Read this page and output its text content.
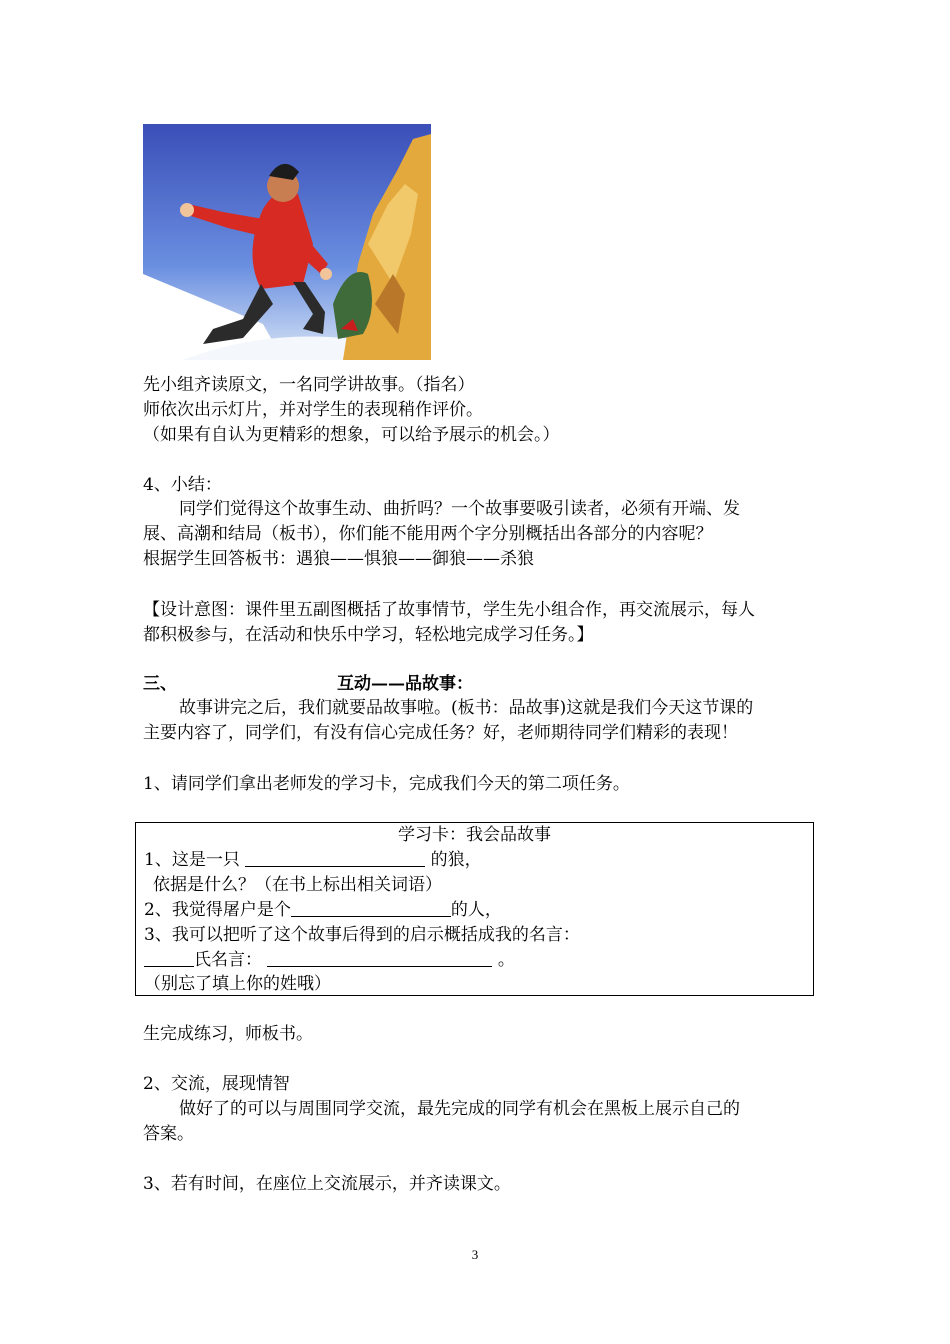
先小组齐读原文，一名同学讲故事。（指名）
师依次出示灯片，并对学生的表现稍作评价。
（如果有自认为更精彩的想象，可以给予展示的机会。）
4、小结：
同学们觉得这个故事生动、曲折吗？一个故事要吸引读者，必须有开端、发
展、高潮和结局（板书），你们能不能用两个字分别概括出各部分的内容呢？
根据学生回答板书：遇狼——惧狼——御狼——杀狼
【设计意图：课件里五副图概括了故事情节，学生先小组合作，再交流展示，每人
都积极参与，在活动和快乐中学习，轻松地完成学习任务。】
三、	互动——品故事：
故事讲完之后，我们就要品故事啦。(板书：品故事)这就是我们今天这节课的
主要内容了，同学们，有没有信心完成任务？好，老师期待同学们精彩的表现！
1、请同学们拿出老师发的学习卡，完成我们今天的第二项任务。
学习卡：我会品故事
1、这是一只	的狼，
依据是什么？（在书上标出相关词语）
2、我觉得屠户是个	的人，
3、我可以把听了这个故事后得到的启示概括成我的名言：
氏名言：	。
（别忘了填上你的姓哦）
生完成练习，师板书。
2、交流，展现情智
做好了的可以与周围同学交流，最先完成的同学有机会在黑板上展示自己的
答案。
3、若有时间，在座位上交流展示，并齐读课文。
3
